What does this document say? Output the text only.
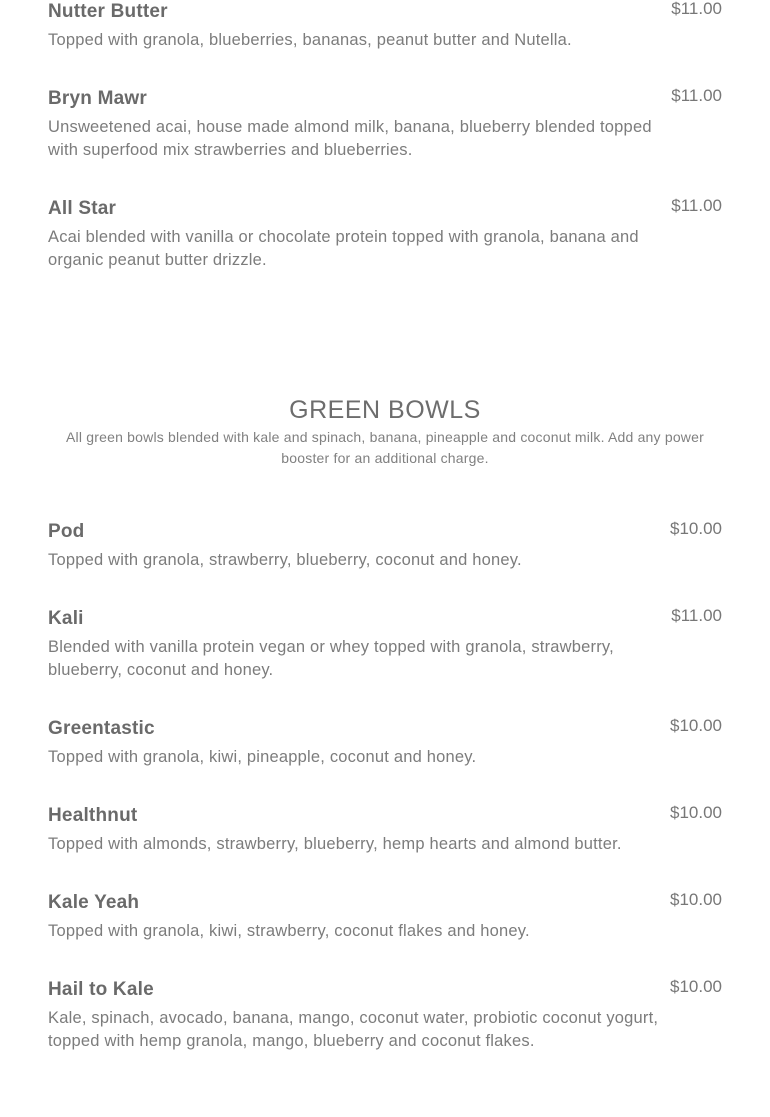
Nutter Butter	$11.00
Topped with granola, blueberries, bananas, peanut butter and Nutella.
Bryn Mawr	$11.00
Unsweetened acai, house made almond milk, banana, blueberry blended topped with superfood mix strawberries and blueberries.
All Star	$11.00
Acai blended with vanilla or chocolate protein topped with granola, banana and organic peanut butter drizzle.
GREEN BOWLS
All green bowls blended with kale and spinach, banana, pineapple and coconut milk. Add any power booster for an additional charge.
Pod	$10.00
Topped with granola, strawberry, blueberry, coconut and honey.
Kali	$11.00
Blended with vanilla protein vegan or whey topped with granola, strawberry, blueberry, coconut and honey.
Greentastic	$10.00
Topped with granola, kiwi, pineapple, coconut and honey.
Healthnut	$10.00
Topped with almonds, strawberry, blueberry, hemp hearts and almond butter.
Kale Yeah	$10.00
Topped with granola, kiwi, strawberry, coconut flakes and honey.
Hail to Kale	$10.00
Kale, spinach, avocado, banana, mango, coconut water, probiotic coconut yogurt, topped with hemp granola, mango, blueberry and coconut flakes.
